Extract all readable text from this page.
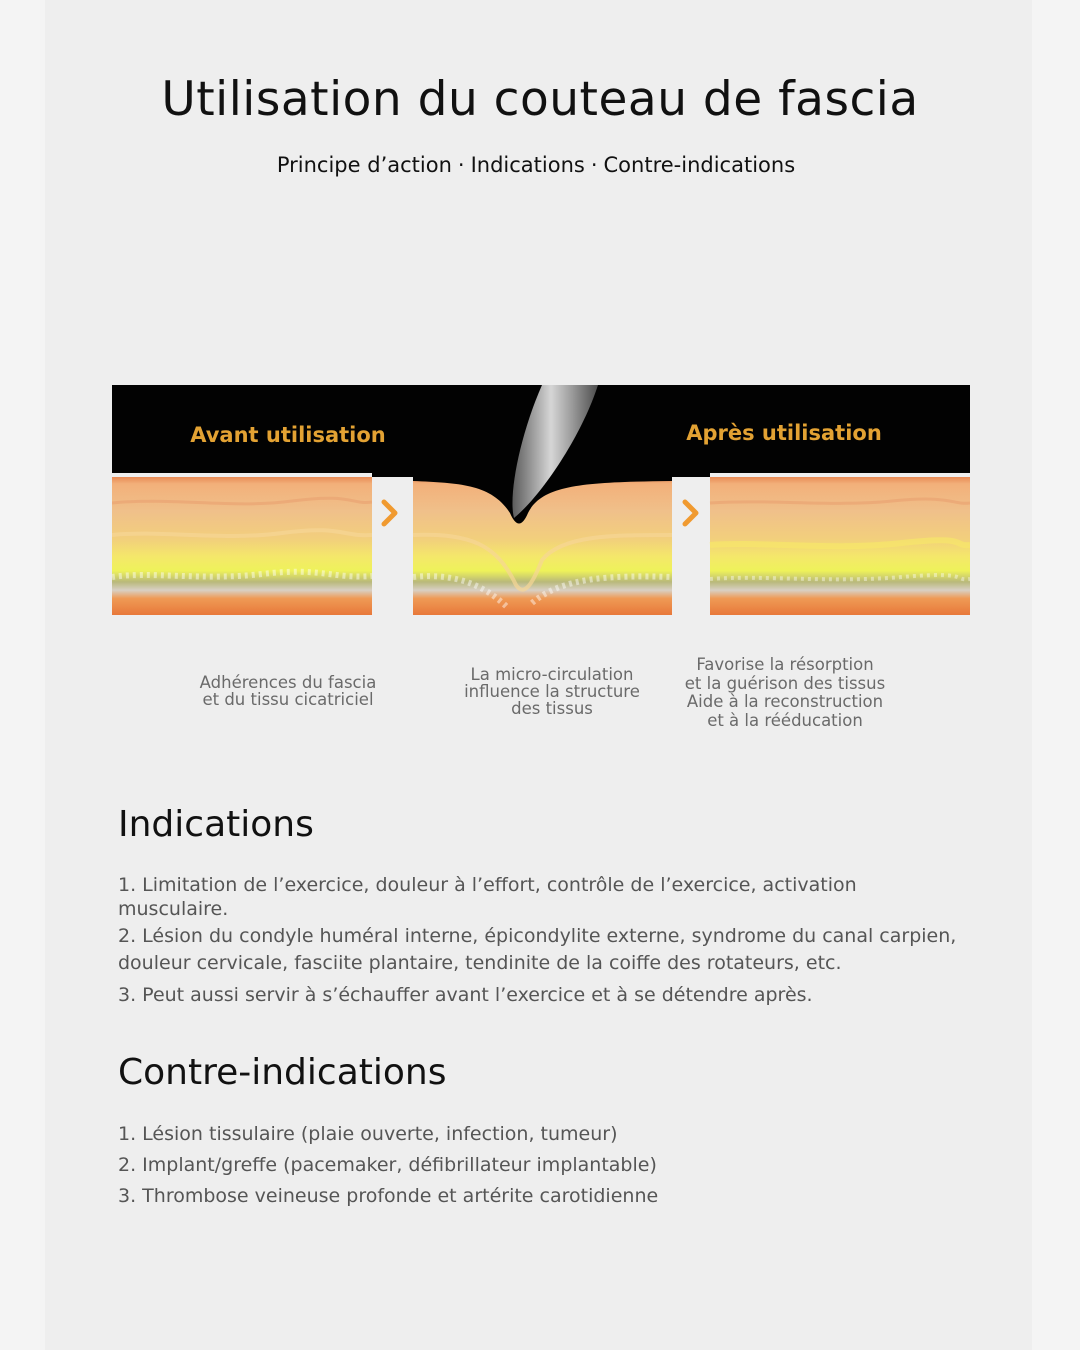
Utilisation du couteau de fascia
Principe d’action · Indications · Contre-indications
Avant utilisation	Après utilisation
Adhérences du fascia
et du tissu cicatriciel
La micro-circulation
influence la structure
des tissus
Favorise la résorption
et la guérison des tissus
Aide à la reconstruction
et à la rééducation
Indications
1. Limitation de l’exercice, douleur à l’effort, contrôle de l’exercice, activation musculaire.
2. Lésion du condyle huméral interne, épicondylite externe, syndrome du canal carpien, douleur cervicale, fasciite plantaire, tendinite de la coiffe des rotateurs, etc.
3. Peut aussi servir à s’échauffer avant l’exercice et à se détendre après.
Contre-indications
1. Lésion tissulaire (plaie ouverte, infection, tumeur)
2. Implant/greffe (pacemaker, défibrillateur implantable)
3. Thrombose veineuse profonde et artérite carotidienne
